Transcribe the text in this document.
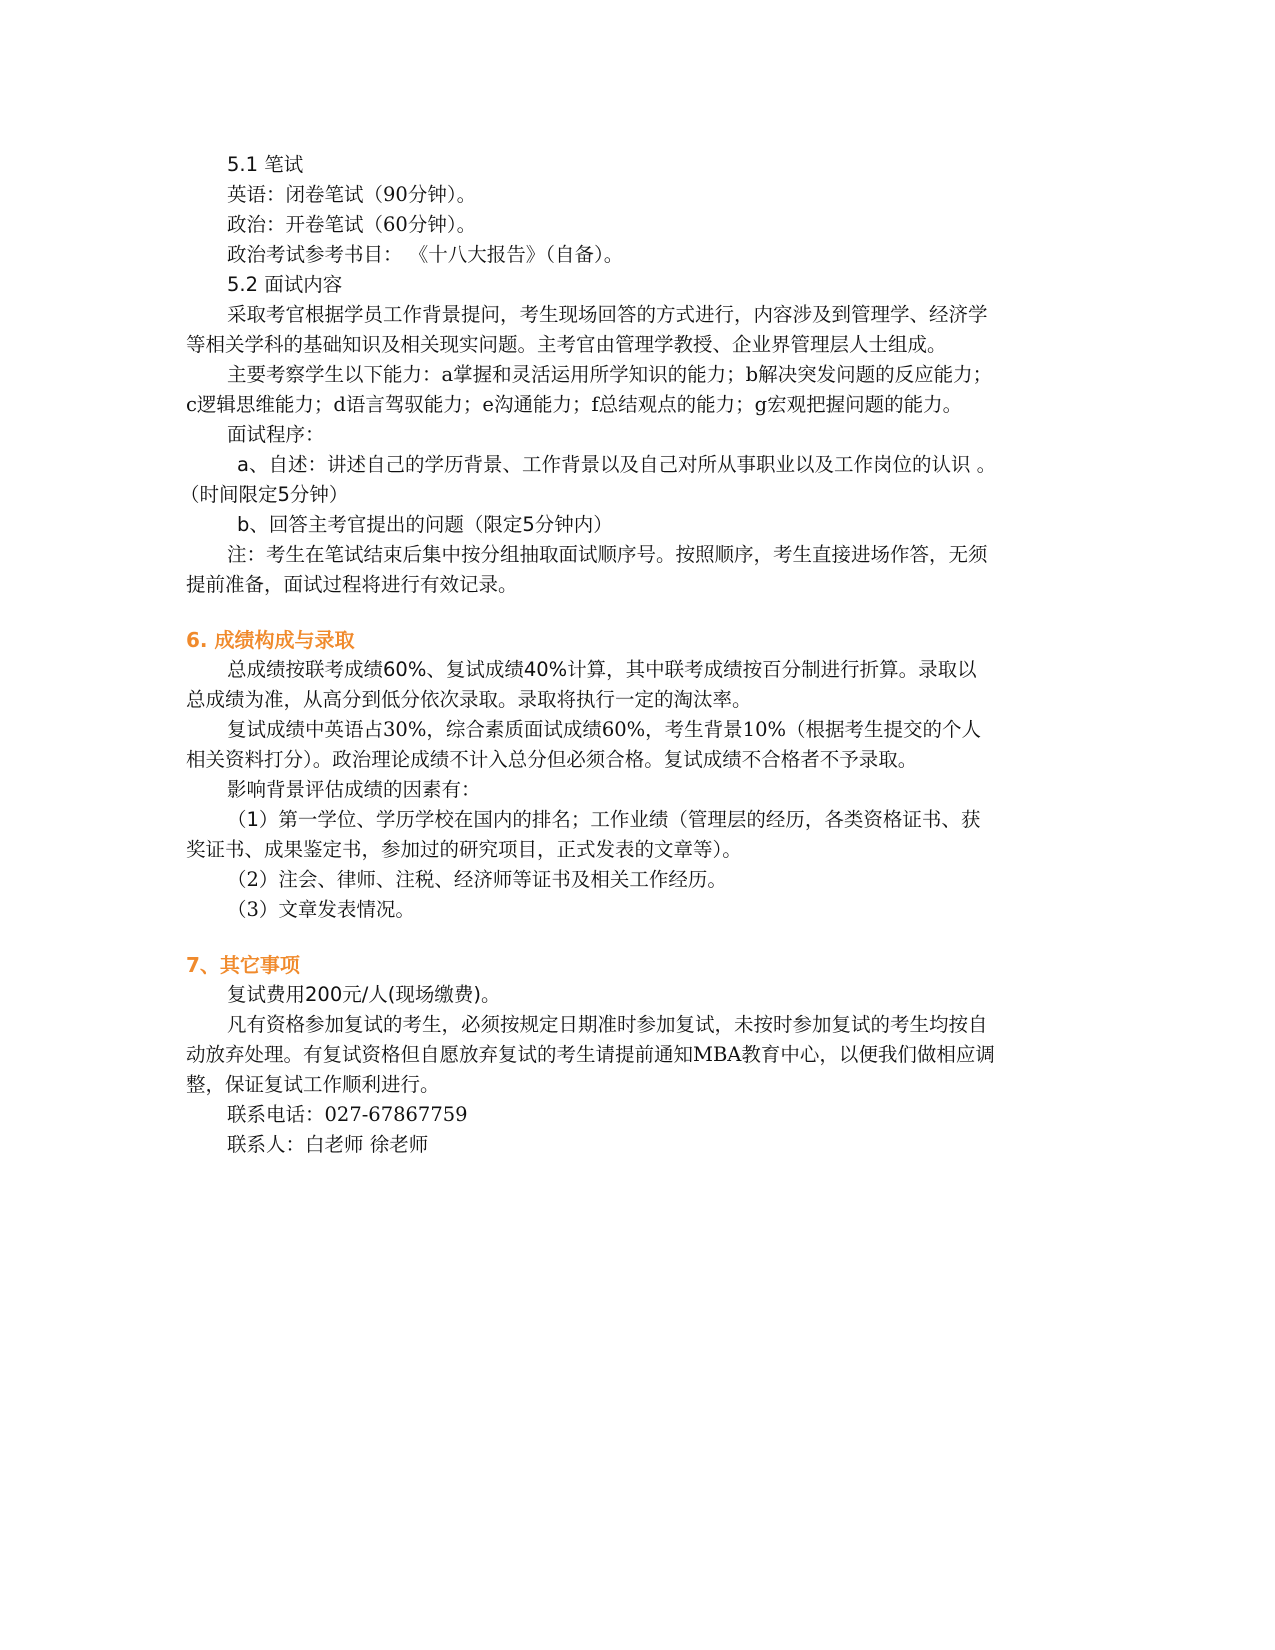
5.1 笔试

英语：闭卷笔试（90分钟）。

政治：开卷笔试（60分钟）。

政治考试参考书目： 《十八大报告》（自备）。

5.2 面试内容

采取考官根据学员工作背景提问，考生现场回答的方式进行，内容涉及到管理学、经济学

等相关学科的基础知识及相关现实问题。主考官由管理学教授、企业界管理层人士组成。

主要考察学生以下能力：a掌握和灵活运用所学知识的能力；b解决突发问题的反应能力；

c逻辑思维能力；d语言驾驭能力；e沟通能力；f总结观点的能力；g宏观把握问题的能力。

面试程序：

a、自述：讲述自己的学历背景、工作背景以及自己对所从事职业以及工作岗位的认识 。

（时间限定5分钟）

b、回答主考官提出的问题（限定5分钟内）

注：考生在笔试结束后集中按分组抽取面试顺序号。按照顺序，考生直接进场作答，无须

提前准备，面试过程将进行有效记录。

6. 成绩构成与录取

总成绩按联考成绩60%、复试成绩40%计算，其中联考成绩按百分制进行折算。录取以

总成绩为准，从高分到低分依次录取。录取将执行一定的淘汰率。

复试成绩中英语占30%，综合素质面试成绩60%，考生背景10%（根据考生提交的个人

相关资料打分）。政治理论成绩不计入总分但必须合格。复试成绩不合格者不予录取。

影响背景评估成绩的因素有：

（1）第一学位、学历学校在国内的排名；工作业绩（管理层的经历，各类资格证书、获

奖证书、成果鉴定书，参加过的研究项目，正式发表的文章等）。

（2）注会、律师、注税、经济师等证书及相关工作经历。

（3）文章发表情况。

7、其它事项

复试费用200元/人(现场缴费)。

凡有资格参加复试的考生，必须按规定日期准时参加复试，未按时参加复试的考生均按自

动放弃处理。有复试资格但自愿放弃复试的考生请提前通知MBA教育中心，以便我们做相应调

整，保证复试工作顺利进行。

联系电话：027-67867759

联系人：白老师 徐老师
